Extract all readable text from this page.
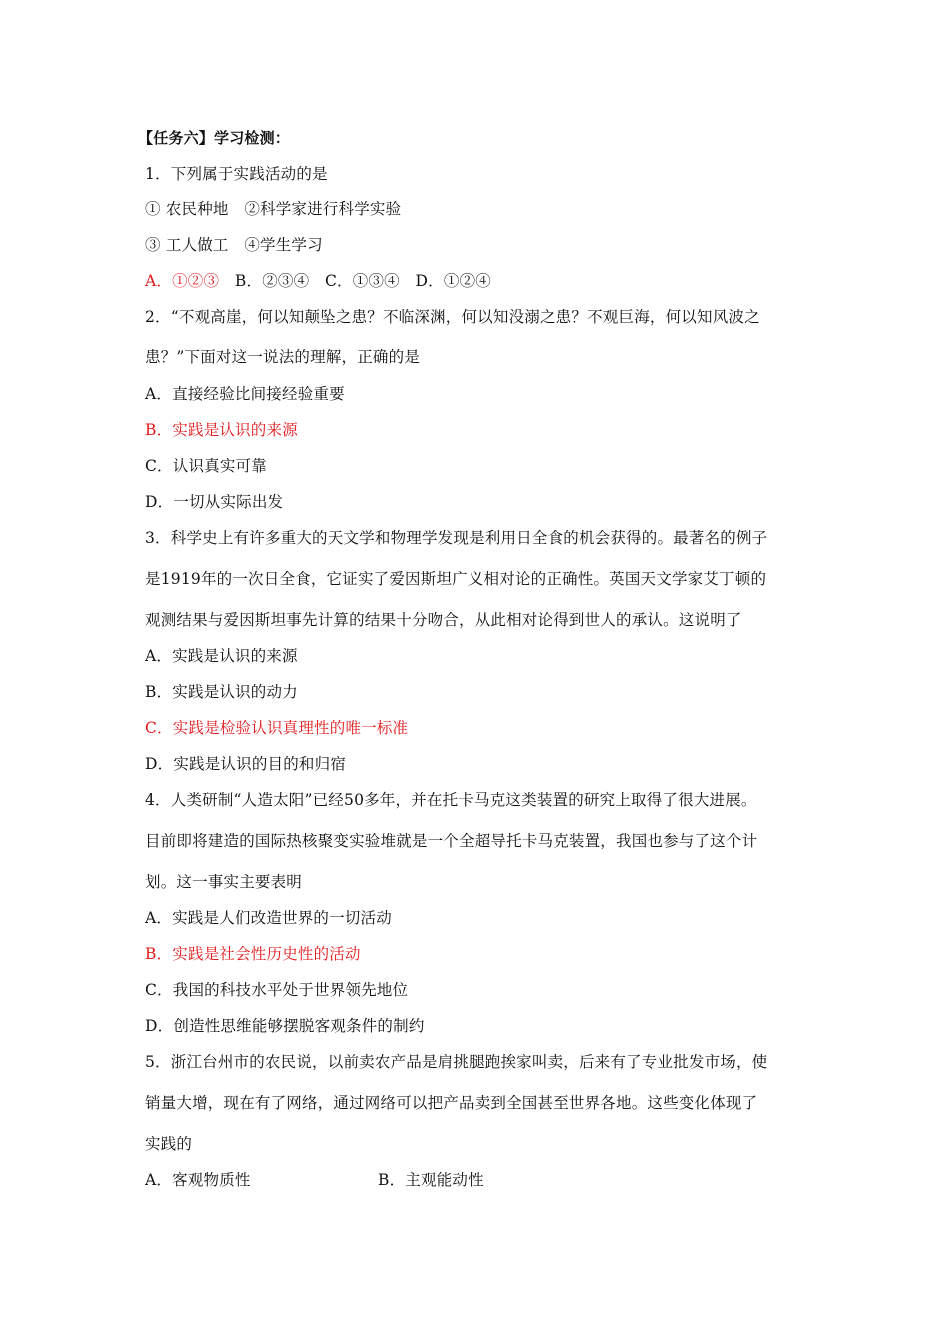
【任务六】学习检测：
1．下列属于实践活动的是
① 农民种地　②科学家进行科学实验
③ 工人做工　④学生学习
A．①②③　B．②③④　C．①③④　D．①②④
2．“不观高崖，何以知颠坠之患？不临深渊，何以知没溺之患？不观巨海，何以知风波之
患？”下面对这一说法的理解，正确的是
A．直接经验比间接经验重要
B．实践是认识的来源
C．认识真实可靠
D．一切从实际出发
3．科学史上有许多重大的天文学和物理学发现是利用日全食的机会获得的。最著名的例子
是1919年的一次日全食，它证实了爱因斯坦广义相对论的正确性。英国天文学家艾丁顿的
观测结果与爱因斯坦事先计算的结果十分吻合，从此相对论得到世人的承认。这说明了
A．实践是认识的来源
B．实践是认识的动力
C．实践是检验认识真理性的唯一标准
D．实践是认识的目的和归宿
4．人类研制“人造太阳”已经50多年，并在托卡马克这类装置的研究上取得了很大进展。
目前即将建造的国际热核聚变实验堆就是一个全超导托卡马克装置，我国也参与了这个计
划。这一事实主要表明
A．实践是人们改造世界的一切活动
B．实践是社会性历史性的活动
C．我国的科技水平处于世界领先地位
D．创造性思维能够摆脱客观条件的制约
5．浙江台州市的农民说，以前卖农产品是肩挑腿跑挨家叫卖，后来有了专业批发市场，使
销量大增，现在有了网络，通过网络可以把产品卖到全国甚至世界各地。这些变化体现了
实践的
A．客观物质性	B．主观能动性
